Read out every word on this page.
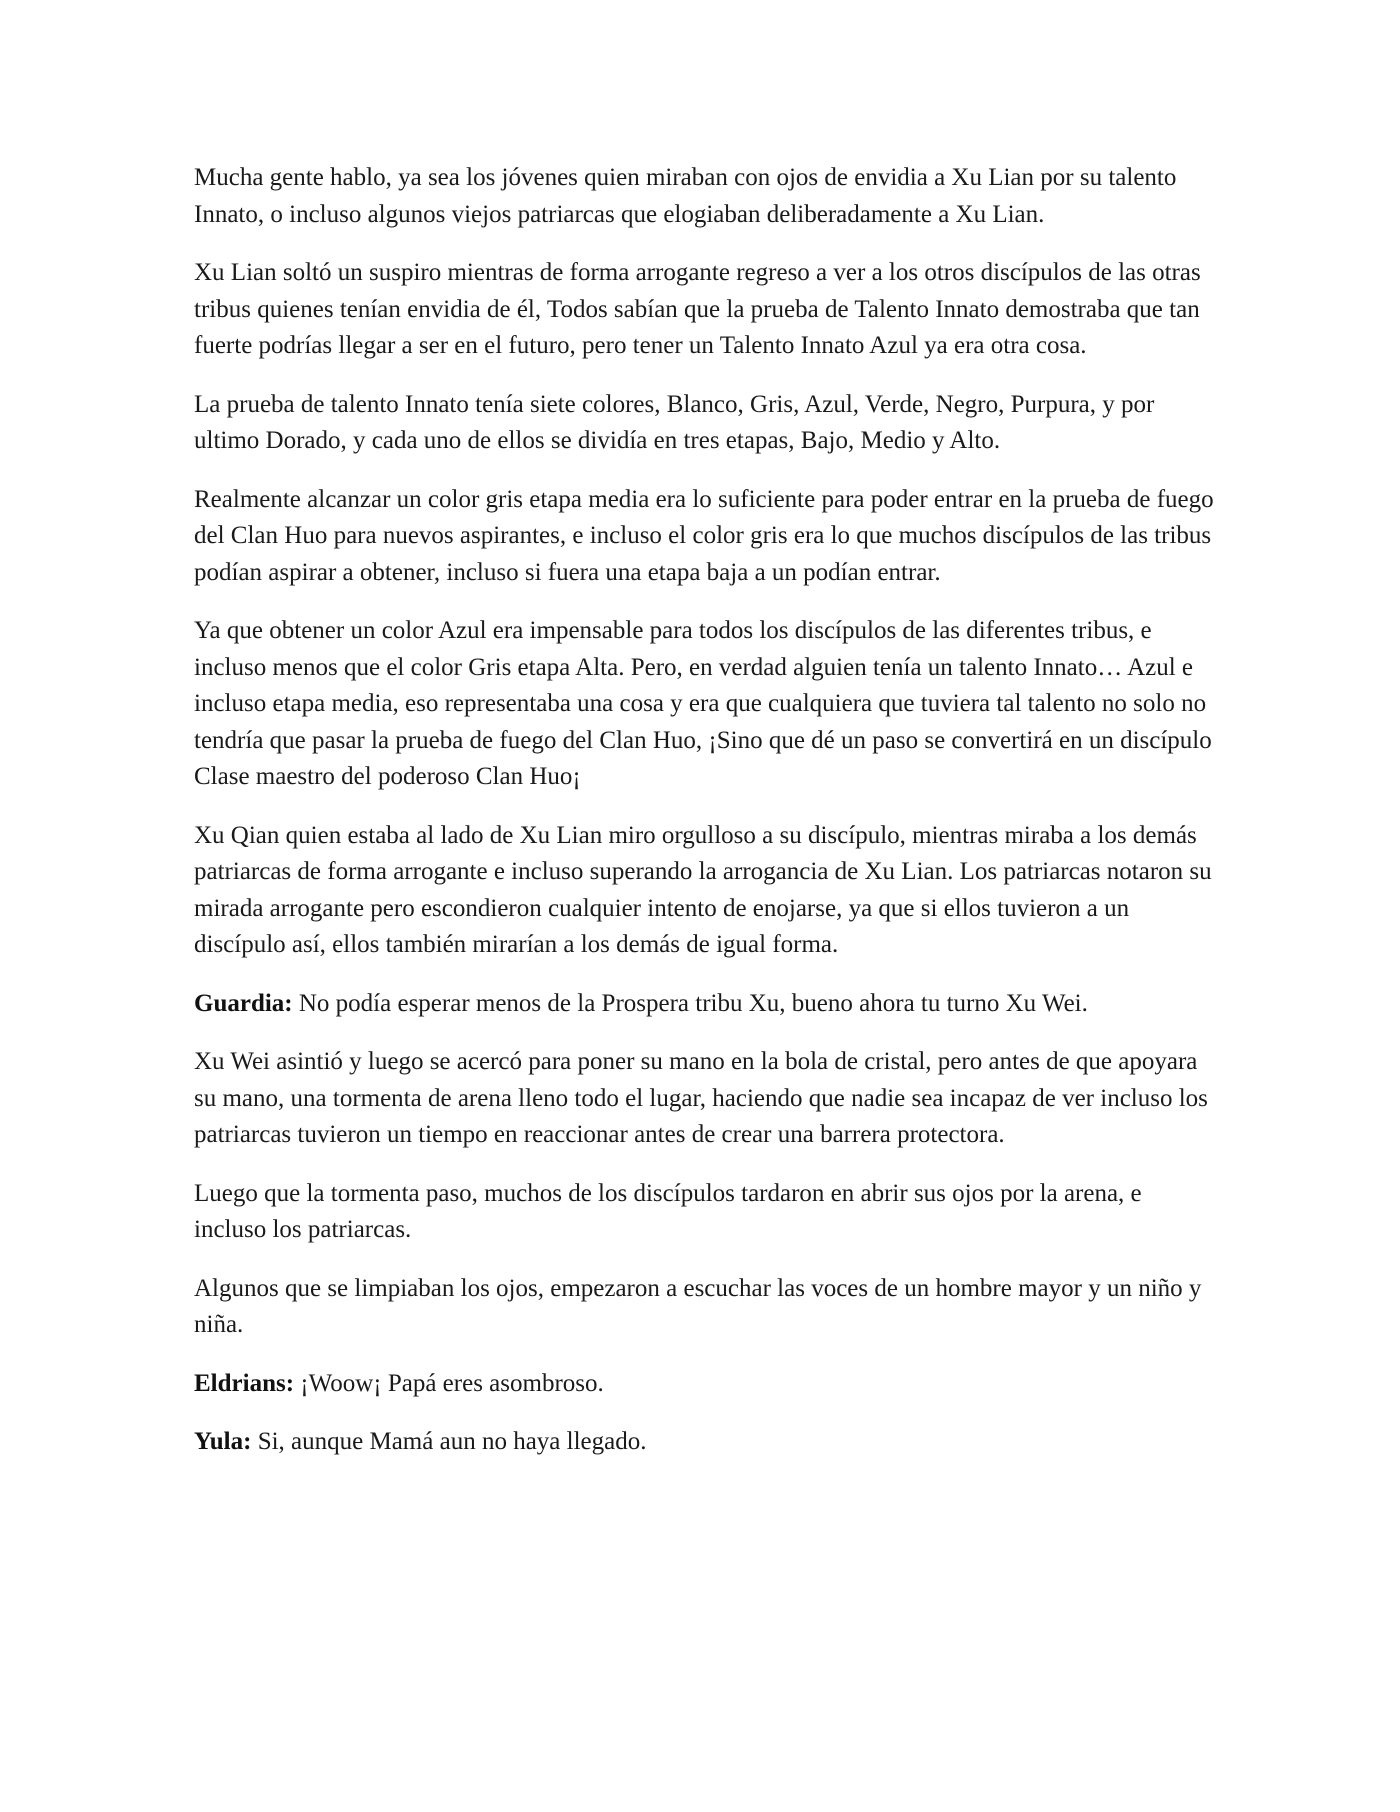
Mucha gente hablo, ya sea los jóvenes quien miraban con ojos de envidia a Xu Lian por su talento Innato, o incluso algunos viejos patriarcas que elogiaban deliberadamente a Xu Lian.

Xu Lian soltó un suspiro mientras de forma arrogante regreso a ver a los otros discípulos de las otras tribus quienes tenían envidia de él, Todos sabían que la prueba de Talento Innato demostraba que tan fuerte podrías llegar a ser en el futuro, pero tener un Talento Innato Azul ya era otra cosa.

La prueba de talento Innato tenía siete colores, Blanco, Gris, Azul, Verde, Negro, Purpura, y por ultimo Dorado, y cada uno de ellos se dividía en tres etapas, Bajo, Medio y Alto.

Realmente alcanzar un color gris etapa media era lo suficiente para poder entrar en la prueba de fuego del Clan Huo para nuevos aspirantes, e incluso el color gris era lo que muchos discípulos de las tribus podían aspirar a obtener, incluso si fuera una etapa baja a un podían entrar.

Ya que obtener un color Azul era impensable para todos los discípulos de las diferentes tribus, e incluso menos que el color Gris etapa Alta. Pero, en verdad alguien tenía un talento Innato… Azul e incluso etapa media, eso representaba una cosa y era que cualquiera que tuviera tal talento no solo no tendría que pasar la prueba de fuego del Clan Huo, ¡Sino que dé un paso se convertirá en un discípulo Clase maestro del poderoso Clan Huo¡

Xu Qian quien estaba al lado de Xu Lian miro orgulloso a su discípulo, mientras miraba a los demás patriarcas de forma arrogante e incluso superando la arrogancia de Xu Lian. Los patriarcas notaron su mirada arrogante pero escondieron cualquier intento de enojarse, ya que si ellos tuvieron a un discípulo así, ellos también mirarían a los demás de igual forma.

Guardia: No podía esperar menos de la Prospera tribu Xu, bueno ahora tu turno Xu Wei.

Xu Wei asintió y luego se acercó para poner su mano en la bola de cristal, pero antes de que apoyara su mano, una tormenta de arena lleno todo el lugar, haciendo que nadie sea incapaz de ver incluso los patriarcas tuvieron un tiempo en reaccionar antes de crear una barrera protectora.

Luego que la tormenta paso, muchos de los discípulos tardaron en abrir sus ojos por la arena, e incluso los patriarcas.

Algunos que se limpiaban los ojos, empezaron a escuchar las voces de un hombre mayor y un niño y niña.

Eldrians: ¡Woow¡ Papá eres asombroso.

Yula: Si, aunque Mamá aun no haya llegado.
